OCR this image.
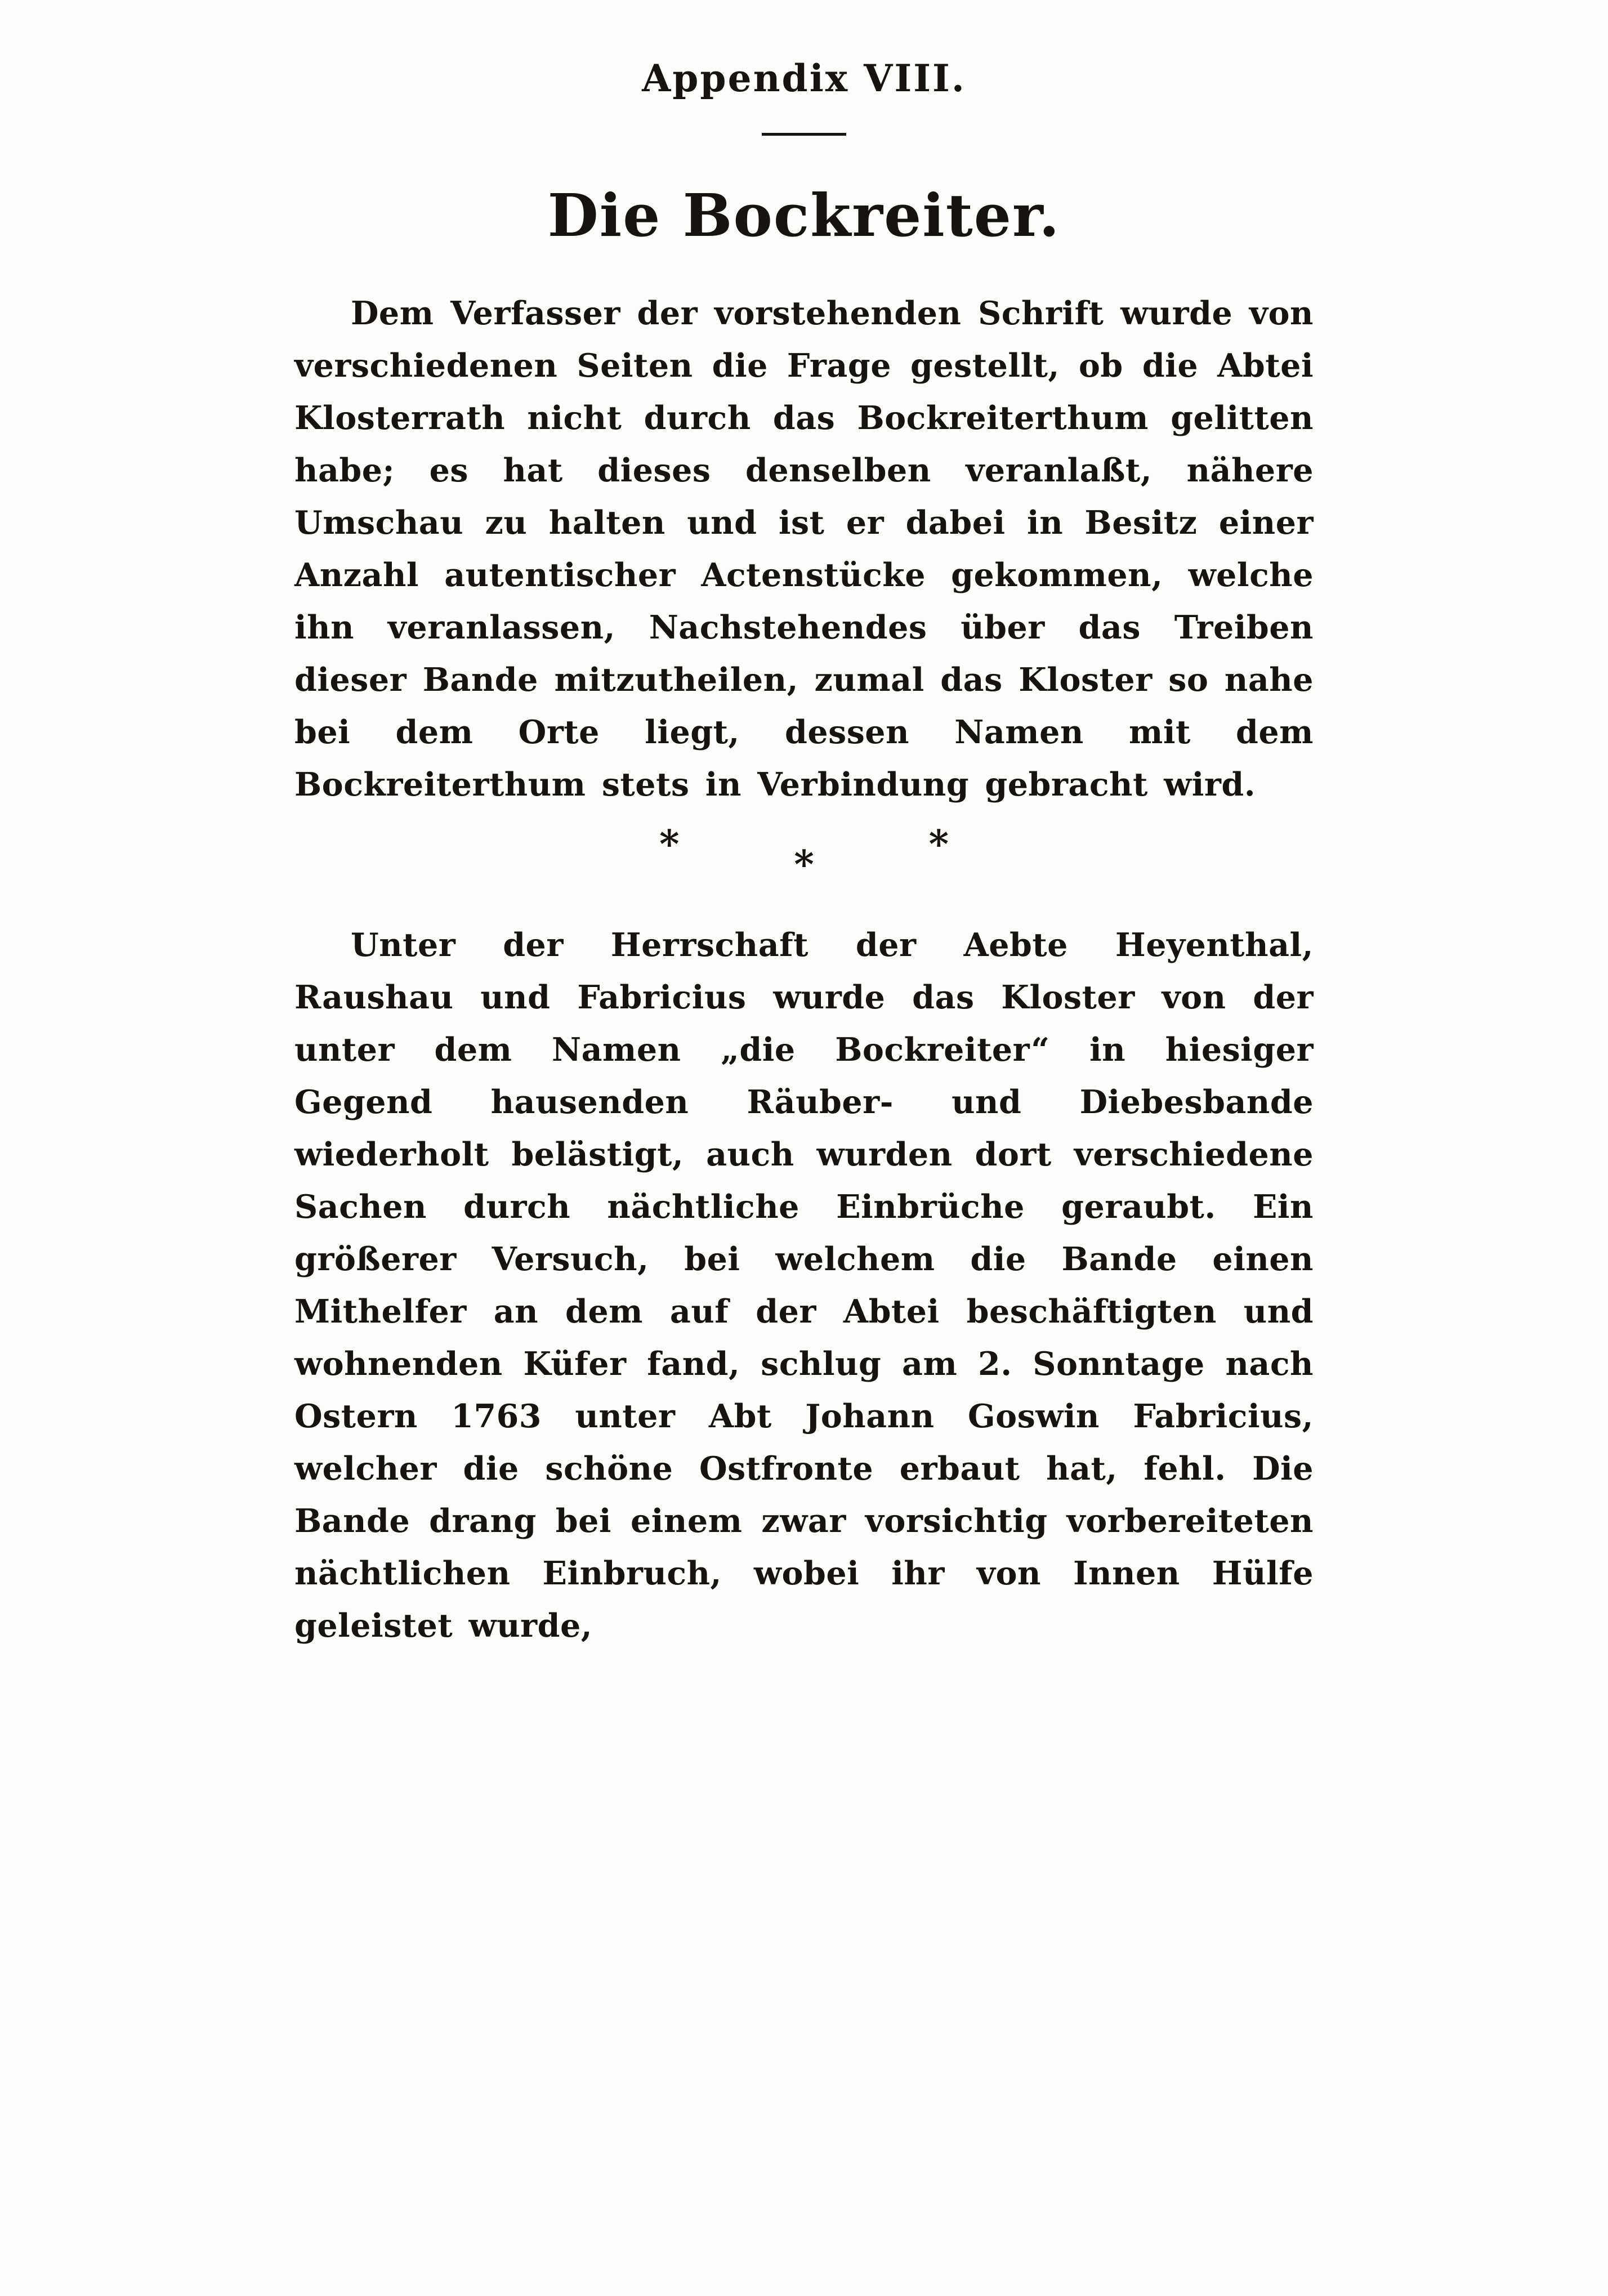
Appendix VIII.
Die Bockreiter.

Dem Verfasser der vorstehenden Schrift wurde von verschiedenen Seiten die Frage gestellt, ob die Abtei Klosterrath nicht durch das Bockreiterthum gelitten habe; es hat dieses denselben veranlaßt, nähere Umschau zu halten und ist er dabei in Besitz einer Anzahl autentischer Actenstücke gekommen, welche ihn veranlassen, Nachstehendes über das Treiben dieser Bande mitzutheilen, zumal das Kloster so nahe bei dem Orte liegt, dessen Namen mit dem Bockreiterthum stets in Verbindung gebracht wird.

*	*	*

Unter der Herrschaft der Aebte Heyenthal, Raushau und Fabricius wurde das Kloster von der unter dem Namen „die Bockreiter“ in hiesiger Gegend hausenden Räuber- und Diebesbande wiederholt belästigt, auch wurden dort verschiedene Sachen durch nächtliche Einbrüche geraubt. Ein größerer Versuch, bei welchem die Bande einen Mithelfer an dem auf der Abtei beschäftigten und wohnenden Küfer fand, schlug am 2. Sonntage nach Ostern 1763 unter Abt Johann Goswin Fabricius, welcher die schöne Ostfronte erbaut hat, fehl. Die Bande drang bei einem zwar vorsichtig vorbereiteten nächtlichen Einbruch, wobei ihr von Innen Hülfe geleistet wurde,
